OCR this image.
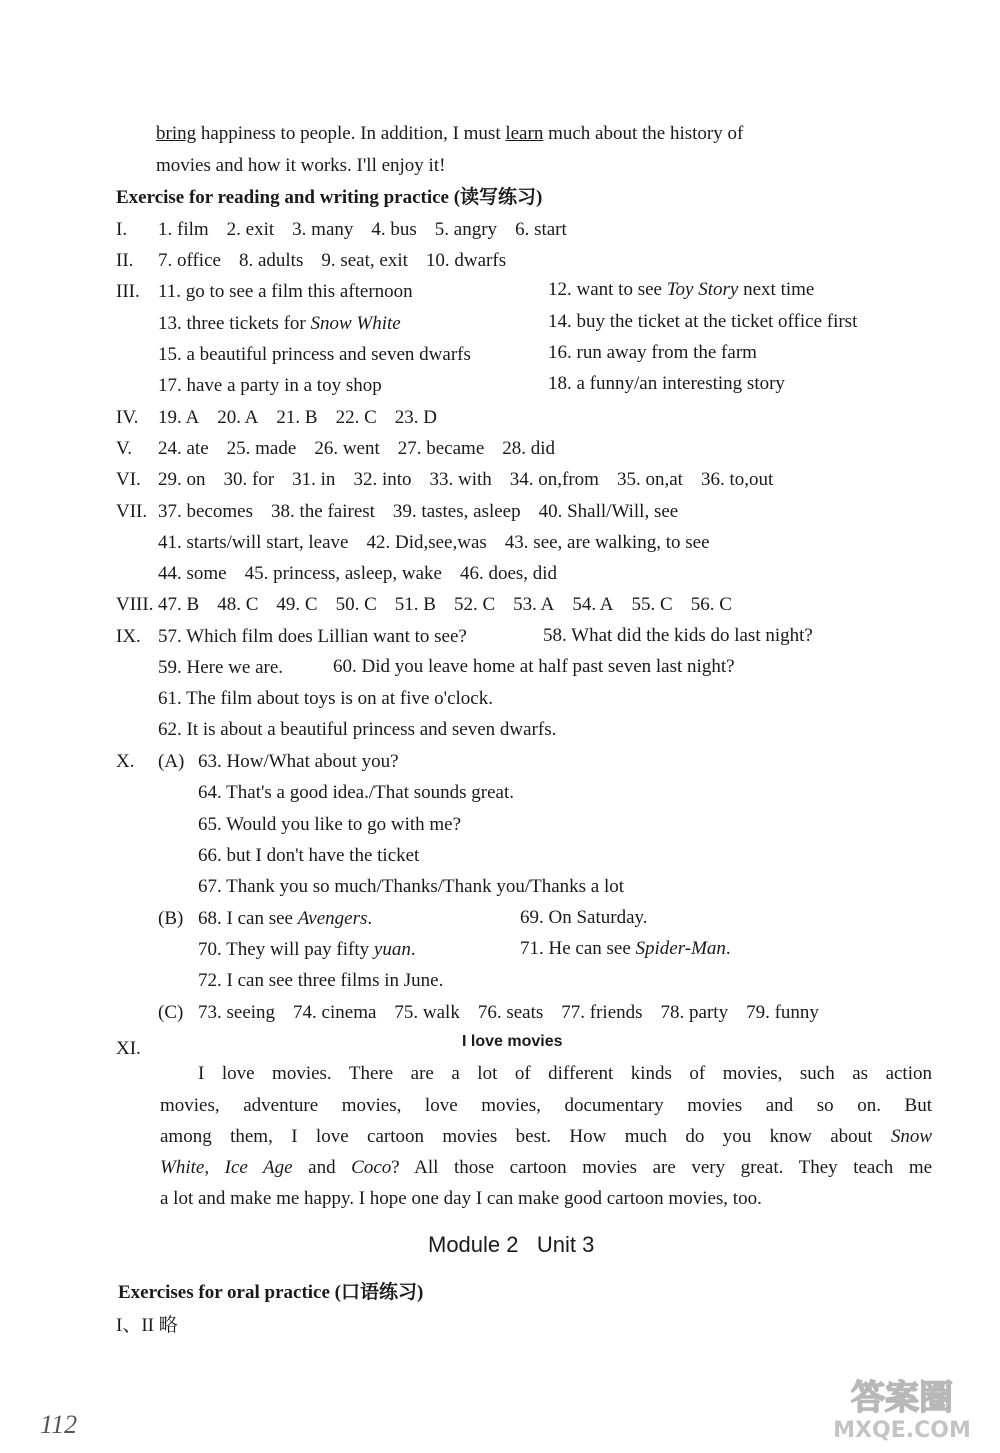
bring happiness to people. In addition, I must learn much about the history of
movies and how it works. I'll enjoy it!
Exercise for reading and writing practice (读写练习)
I. 1. film 2. exit 3. many 4. bus 5. angry 6. start
II. 7. office 8. adults 9. seat, exit 10. dwarfs
III. 11. go to see a film this afternoon	12. want to see Toy Story next time
13. three tickets for Snow White	14. buy the ticket at the ticket office first
15. a beautiful princess and seven dwarfs	16. run away from the farm
17. have a party in a toy shop	18. a funny/an interesting story
IV. 19. A 20. A 21. B 22. C 23. D
V. 24. ate 25. made 26. went 27. became 28. did
VI. 29. on 30. for 31. in 32. into 33. with 34. on,from 35. on,at 36. to,out
VII. 37. becomes 38. the fairest 39. tastes, asleep 40. Shall/Will, see
41. starts/will start, leave 42. Did,see,was 43. see, are walking, to see
44. some 45. princess, asleep, wake 46. does, did
VIII. 47. B 48. C 49. C 50. C 51. B 52. C 53. A 54. A 55. C 56. C
IX. 57. Which film does Lillian want to see?	58. What did the kids do last night?
59. Here we are.	60. Did you leave home at half past seven last night?
61. The film about toys is on at five o'clock.
62. It is about a beautiful princess and seven dwarfs.
X. (A) 63. How/What about you?
64. That's a good idea./That sounds great.
65. Would you like to go with me?
66. but I don't have the ticket
67. Thank you so much/Thanks/Thank you/Thanks a lot
(B) 68. I can see Avengers.	69. On Saturday.
70. They will pay fifty yuan.	71. He can see Spider-Man.
72. I can see three films in June.
(C) 73. seeing 74. cinema 75. walk 76. seats 77. friends 78. party 79. funny
XI.	I love movies
I love movies. There are a lot of different kinds of movies, such as action
movies, adventure movies, love movies, documentary movies and so on. But
among them, I love cartoon movies best. How much do you know about Snow
White, Ice Age and Coco? All those cartoon movies are very great. They teach me
a lot and make me happy. I hope one day I can make good cartoon movies, too.
Module 2   Unit 3
Exercises for oral practice (口语练习)
I、II 略
112
答案圈
MXQE.COM
